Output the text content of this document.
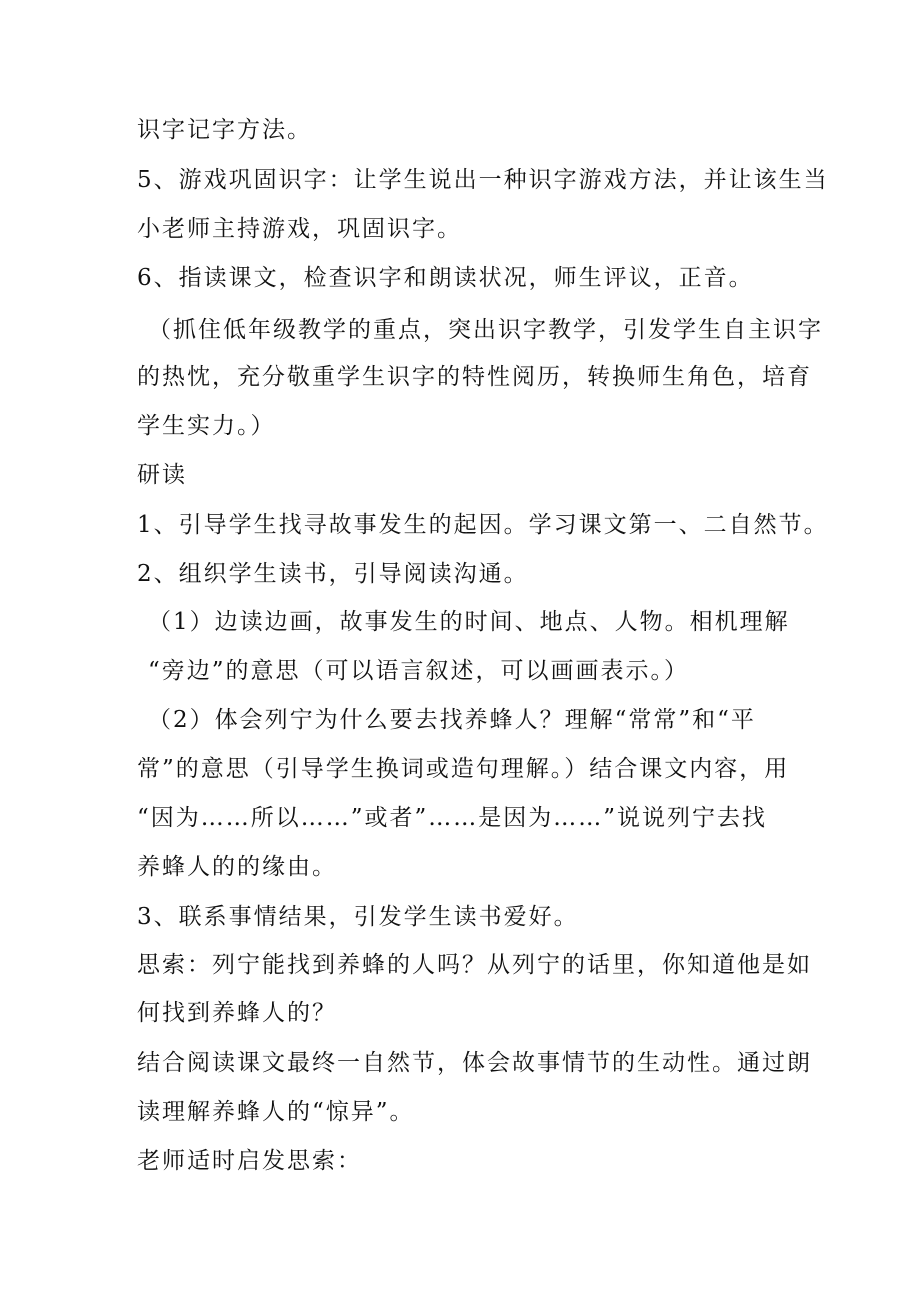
识字记字方法。
5、游戏巩固识字：让学生说出一种识字游戏方法，并让该生当
小老师主持游戏，巩固识字。
6、指读课文，检查识字和朗读状况，师生评议，正音。
（抓住低年级教学的重点，突出识字教学，引发学生自主识字
的热忱，充分敬重学生识字的特性阅历，转换师生角色，培育
学生实力。）
研读
1、引导学生找寻故事发生的起因。学习课文第一、二自然节。
2、组织学生读书，引导阅读沟通。
（1）边读边画，故事发生的时间、地点、人物。相机理解
“旁边”的意思（可以语言叙述，可以画画表示。）
（2）体会列宁为什么要去找养蜂人？理解“常常”和“平
常”的意思（引导学生换词或造句理解。）结合课文内容，用
“因为……所以……”或者”……是因为……”说说列宁去找
养蜂人的的缘由。
3、联系事情结果，引发学生读书爱好。
思索：列宁能找到养蜂的人吗？从列宁的话里，你知道他是如
何找到养蜂人的？
结合阅读课文最终一自然节，体会故事情节的生动性。通过朗
读理解养蜂人的“惊异”。
老师适时启发思索：
